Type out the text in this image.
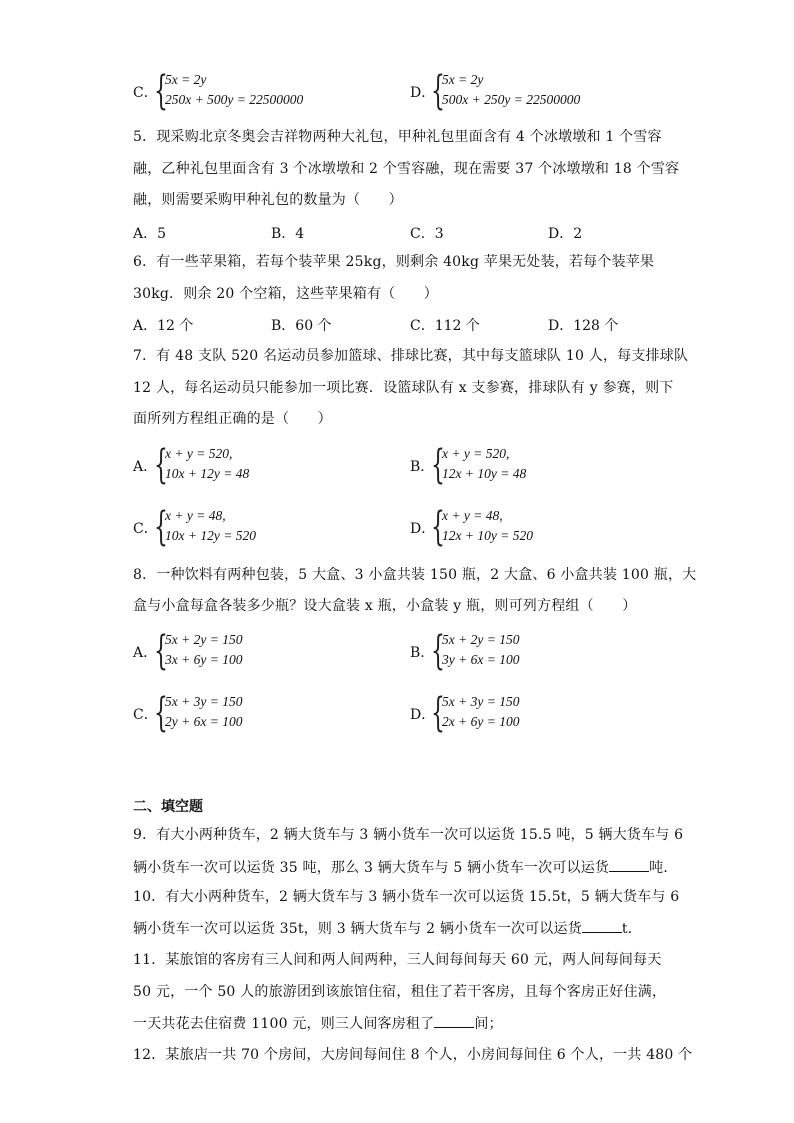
C．
{
5x = 2y
250x + 500y = 22500000	D．
{
5x = 2y
500x + 250y = 22500000
5．现采购北京冬奥会吉祥物两种大礼包，甲种礼包里面含有 4 个冰墩墩和 1 个雪容
融，乙种礼包里面含有 3 个冰墩墩和 2 个雪容融，现在需要 37 个冰墩墩和 18 个雪容
融，则需要采购甲种礼包的数量为（　　）
A．5	B．4	C．3	D．2
6．有一些苹果箱，若每个装苹果 25kg，则剩余 40kg 苹果无处装，若每个装苹果
30kg．则余 20 个空箱，这些苹果箱有（　　）
A．12 个	B．60 个	C．112 个	D．128 个
7．有 48 支队 520 名运动员参加篮球、排球比赛，其中每支篮球队 10 人，每支排球队
12 人，每名运动员只能参加一项比赛．设篮球队有 x 支参赛，排球队有 y 参赛，则下
面所列方程组正确的是（　　）
A．
{
x + y = 520,
10x + 12y = 48	B．
{
x + y = 520,
12x + 10y = 48
C．
{
x + y = 48,
10x + 12y = 520	D．
{
x + y = 48,
12x + 10y = 520
8．一种饮料有两种包装，5 大盒、3 小盒共装 150 瓶，2 大盒、6 小盒共装 100 瓶，大
盒与小盒每盒各装多少瓶？设大盒装 x 瓶，小盒装 y 瓶，则可列方程组（　　）
A．
{
5x + 2y = 150
3x + 6y = 100	B．
{
5x + 2y = 150
3y + 6x = 100
C．
{
5x + 3y = 150
2y + 6x = 100	D．
{
5x + 3y = 150
2x + 6y = 100
二、填空题
9．有大小两种货车，2 辆大货车与 3 辆小货车一次可以运货 15.5 吨，5 辆大货车与 6
辆小货车一次可以运货 35 吨，那么 3 辆大货车与 5 辆小货车一次可以运货	吨．
10．有大小两种货车，2 辆大货车与 3 辆小货车一次可以运货 15.5t，5 辆大货车与 6
辆小货车一次可以运货 35t，则 3 辆大货车与 2 辆小货车一次可以运货	t．
11．某旅馆的客房有三人间和两人间两种，三人间每间每天 60 元，两人间每间每天
50 元，一个 50 人的旅游团到该旅馆住宿，租住了若干客房，且每个客房正好住满，
一天共花去住宿费 1100 元，则三人间客房租了	间；
12．某旅店一共 70 个房间，大房间每间住 8 个人，小房间每间住 6 个人，一共 480 个
